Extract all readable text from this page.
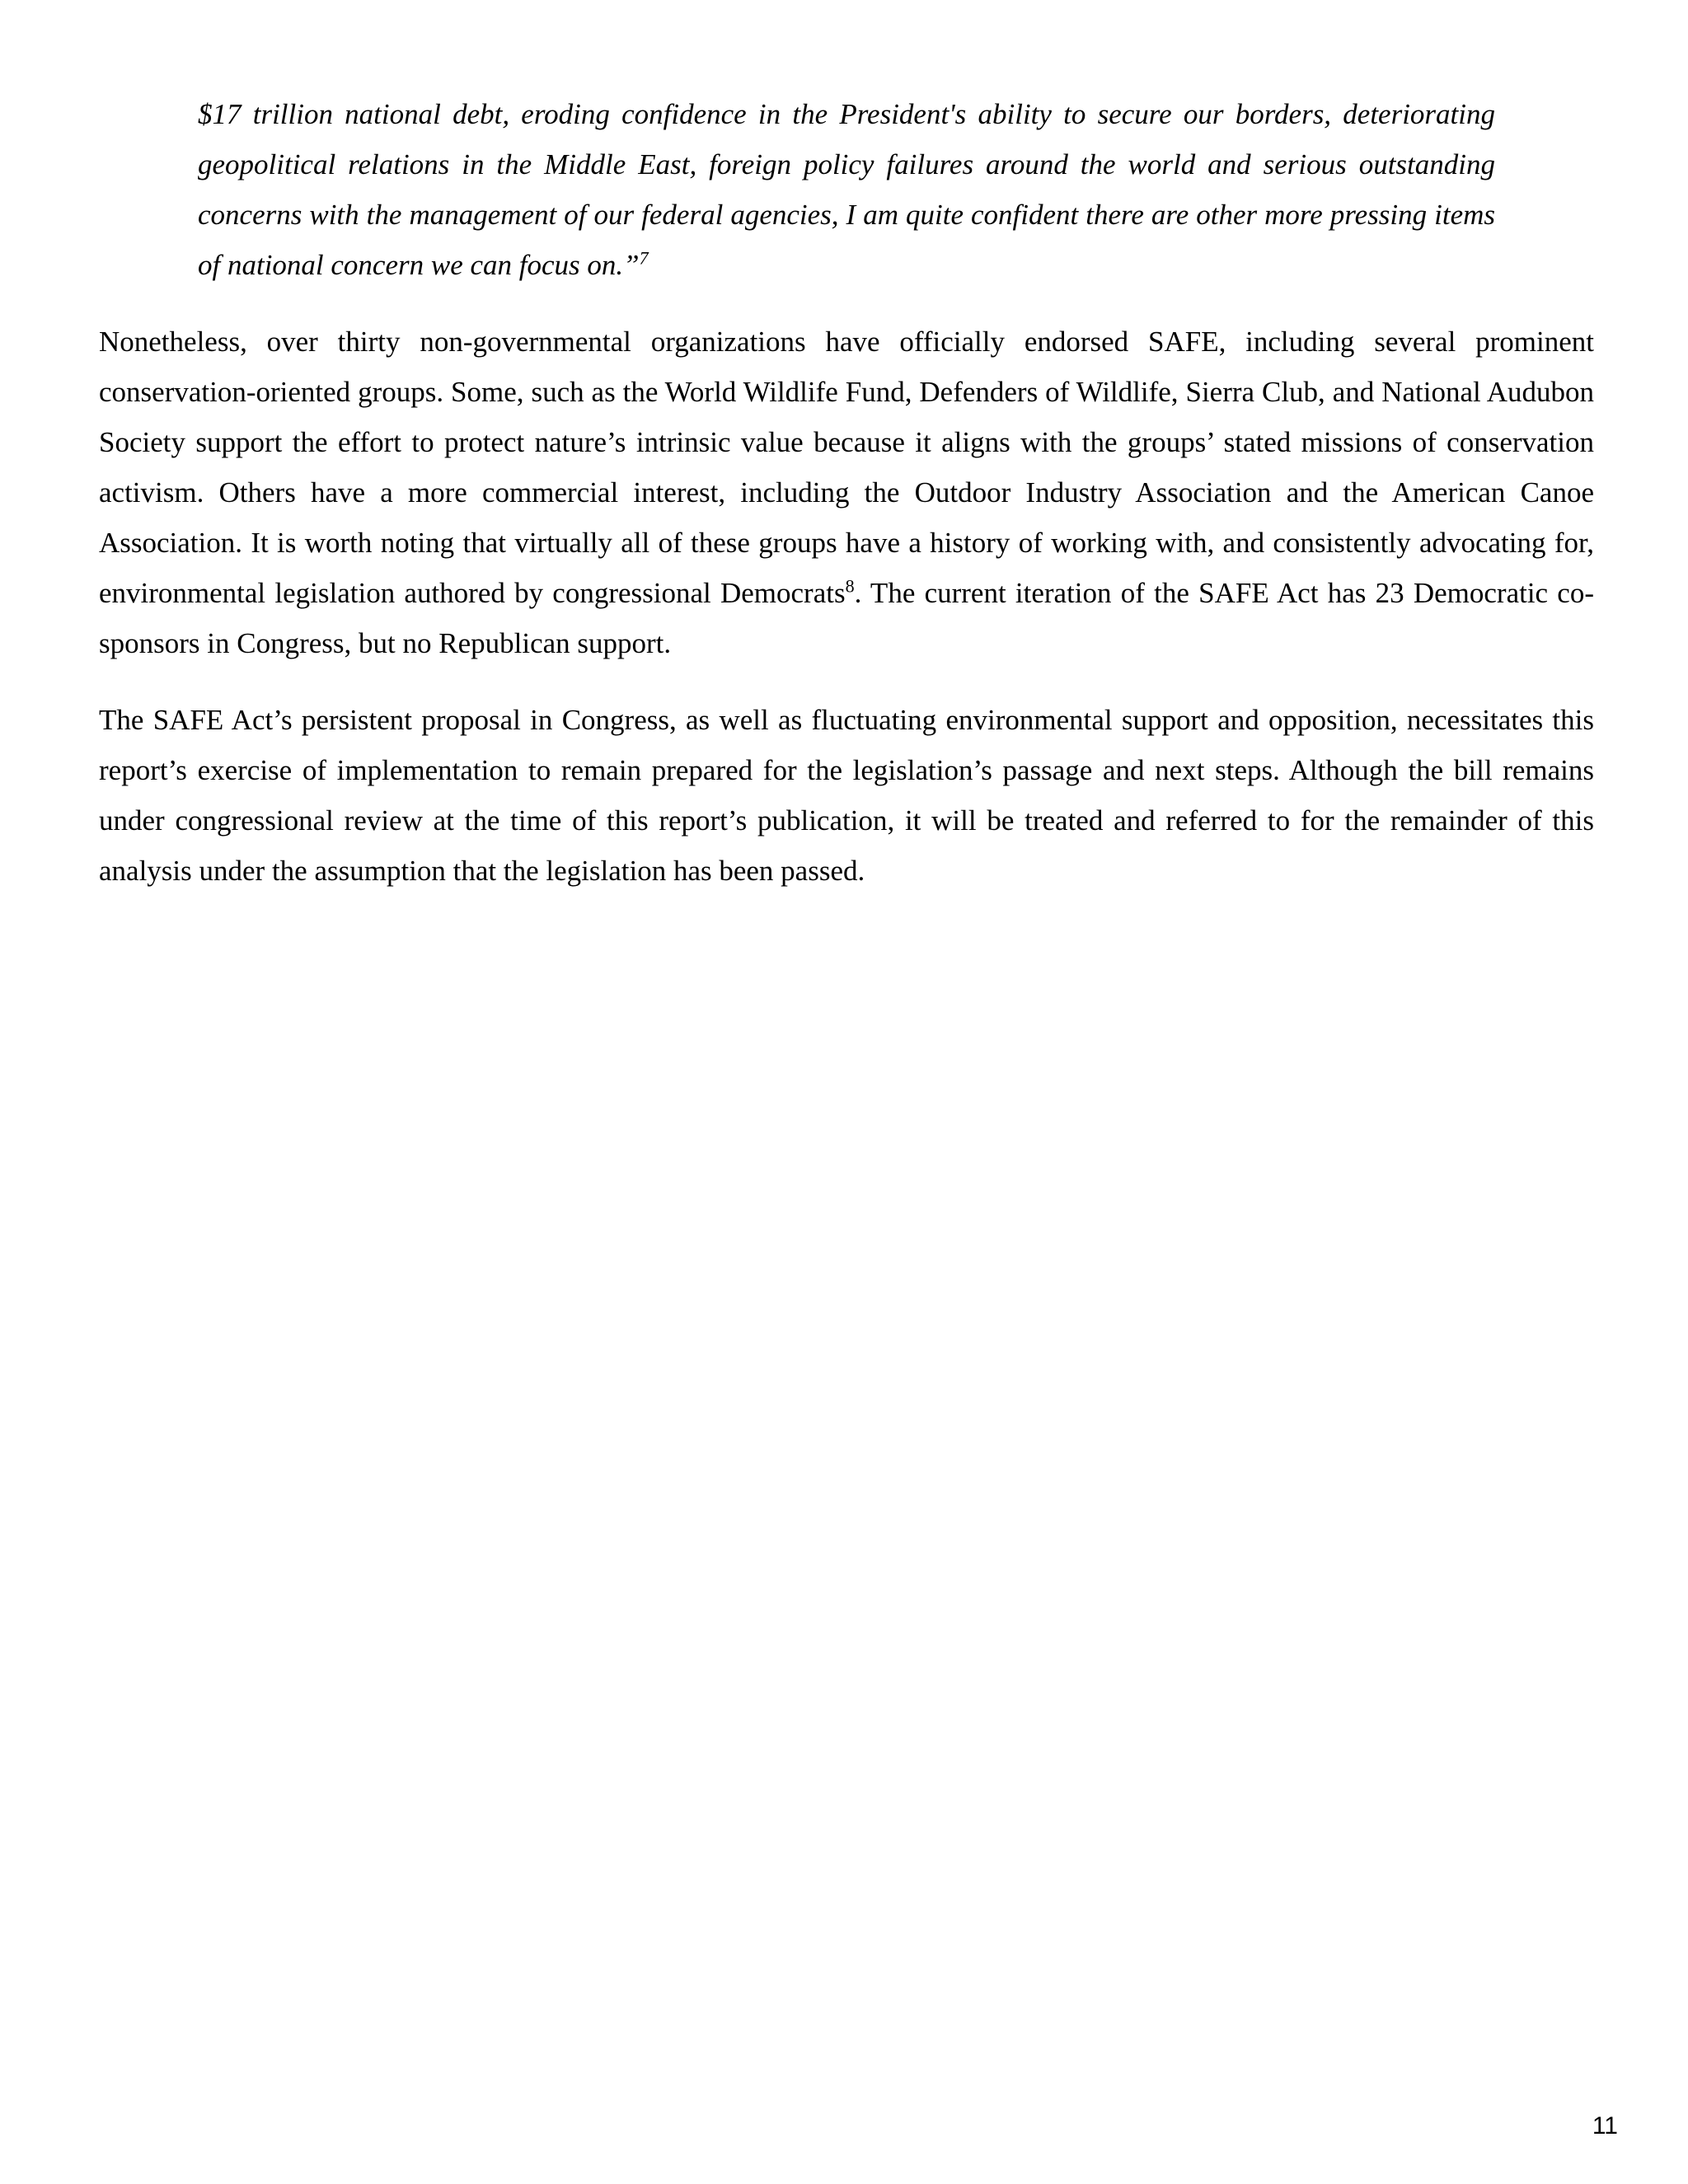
$17 trillion national debt, eroding confidence in the President's ability to secure our borders, deteriorating geopolitical relations in the Middle East, foreign policy failures around the world and serious outstanding concerns with the management of our federal agencies, I am quite confident there are other more pressing items of national concern we can focus on.”$^7$

Nonetheless, over thirty non-governmental organizations have officially endorsed SAFE, including several prominent conservation-oriented groups. Some, such as the World Wildlife Fund, Defenders of Wildlife, Sierra Club, and National Audubon Society support the effort to protect nature’s intrinsic value because it aligns with the groups’ stated missions of conservation activism. Others have a more commercial interest, including the Outdoor Industry Association and the American Canoe Association. It is worth noting that virtually all of these groups have a history of working with, and consistently advocating for, environmental legislation authored by congressional Democrats$^8$. The current iteration of the SAFE Act has 23 Democratic co-sponsors in Congress, but no Republican support.

The SAFE Act’s persistent proposal in Congress, as well as fluctuating environmental support and opposition, necessitates this report’s exercise of implementation to remain prepared for the legislation’s passage and next steps. Although the bill remains under congressional review at the time of this report’s publication, it will be treated and referred to for the remainder of this analysis under the assumption that the legislation has been passed.

11
